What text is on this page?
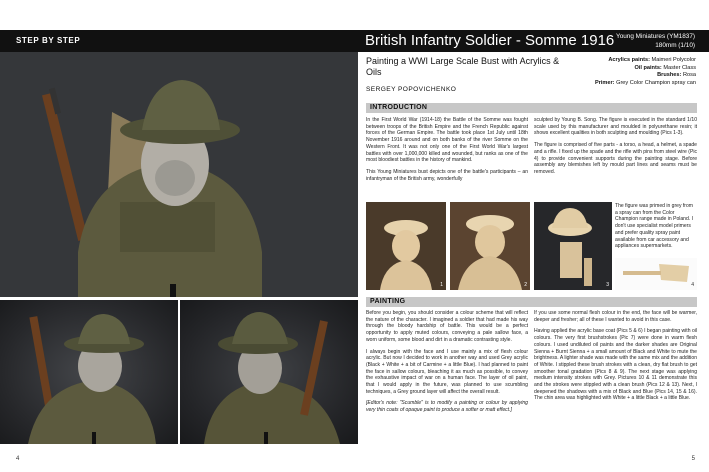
STEP BY STEP	British Infantry Soldier - Somme 1916 Young Miniatures (YM1837)
180mm (1/10)
4	5
Painting a WWI Large Scale Bust with Acrylics & Oils
SERGEY POPOVICHENKO
Acrylics paints: Maimeri Polycolor
Oil paints: Master Class
Brushes: Rosa
Primer: Grey Color Champion spray can
INTRODUCTION

In the First World War (1914-18) the Battle of the Somme was fought between troops of the British Empire and the French Republic against forces of the German Empire. The battle took place 1st July until 18th November 1916 around and on both banks of the river Somme on the Western Front. It was not only one of the First World War's largest battles with over 1,000,000 killed and wounded, but ranks as one of the most bloodiest battles in the history of mankind.

This Young Miniatures bust depicts one of the battle's participants – an infantryman of the British army, wonderfully

sculpted by Young B. Song. The figure is executed in the standard 1/10 scale used by this manufacturer and moulded in polyurethane resin; it shows excellent qualities in both sculpting and moulding (Pics 1-3).

The figure is comprised of five parts - a torso, a head, a helmet, a spade and a rifle. I fixed up the spade and the rifle with pins from steel wire (Pic 4) to provide convenient supports during the painting stage. Before assembly any blemishes left by mould part lines and seams must be removed.

1	2	3

The figure was primed in grey from a spray can from the Color Champion range made in Poland. I don't use specialist model primers and prefer quality spray paint available from car accessory and appliances supermarkets.

4
PAINTING

Before you begin, you should consider a colour scheme that will reflect the nature of the character. I imagined a soldier that had made his way through the bloody hardship of battle. This would be a perfect opportunity to apply muted colours, conveying a pale sallow face, a worn uniform, some blood and dirt in a dramatic contrasting style.

I always begin with the face and I use mainly a mix of flesh colour acrylic. But now I decided to work in another way and used Grey acrylic (Black + White + a bit of Carmine + a little Blue). I had planned to paint the face in sallow colours, bleaching it as much as possible, to convey the exhaustive impact of war on a human face. The layer of oil paint, that I would apply in the future, was planned to use scumbling techniques, a Grey ground layer will affect the overall result.

[Editor's note: "Scumble" is to modify a painting or colour by applying very thin coats of opaque paint to produce a softer or matt effect.]

If you use some normal flesh colour in the end, the face will be warmer, deeper and fresher; all of these I wanted to avoid in this case.

Having applied the acrylic base coat (Pics 5 & 6) I began painting with oil colours. The very first brushstrokes (Pic 7) were done in warm flesh colours. I used undiluted oil paints and the darker shades are Original Sienna + Burnt Sienna + a small amount of Black and White to mute the brightness. A lighter shade was made with the same mix and the addition of White. I stippled these brush strokes with a clean, dry flat brush to get smoother tonal gradation (Pics 8 & 9). The next stage was applying medium intensity strokes with Grey. Pictures 10 & 11 demonstrate this and the strokes were stippled with a clean brush (Pics 12 & 13). Next, I deepened the shadows with a mix of Black and Blue (Pics 14, 15 & 16). The chin area was highlighted with White + a little Black + a little Blue.
